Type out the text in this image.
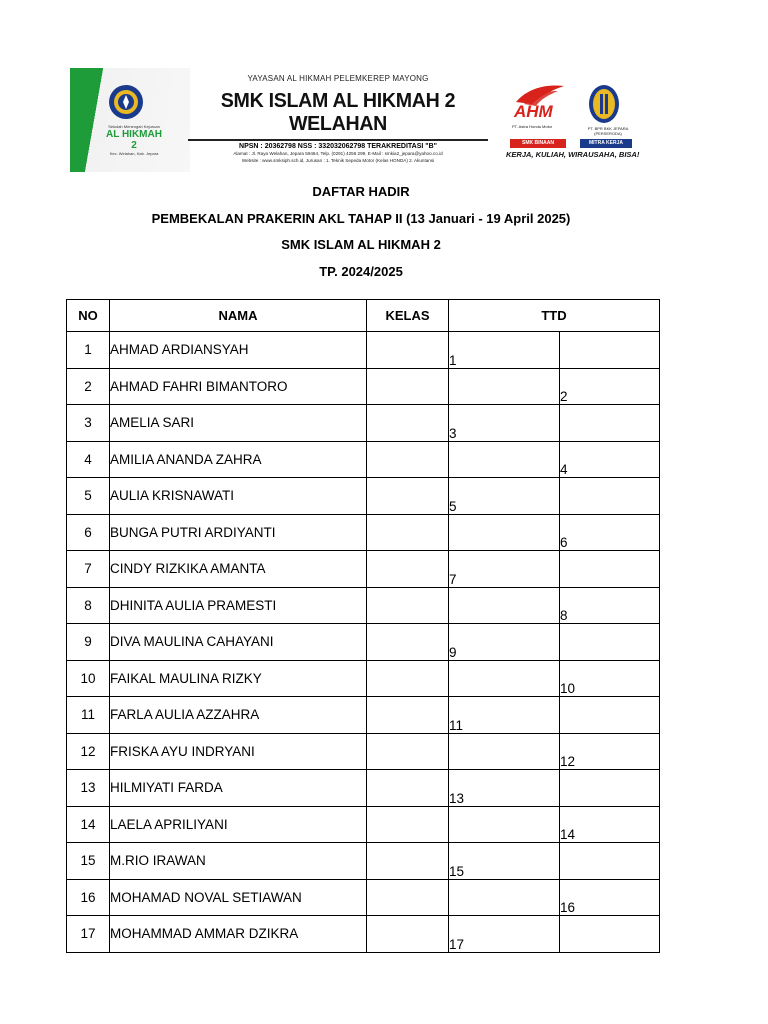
Sekolah Menengah Kejuruan
AL HIKMAH 2
Kec. Welahan, Kab. Jepara
YAYASAN AL HIKMAH PELEMKEREP MAYONG
SMK ISLAM AL HIKMAH 2 WELAHAN
NPSN : 20362798 NSS : 332032062798 TERAKREDITASI "B"
Alamat : Jl. Raya Welahan, Jepara 59464, Telp. (0291) 4256 299, E-Mail : smkia2_jepara@yahoo.co.id
Website : www.smksiph.sch.id, Jurusan : 1. Teknik Sepeda Motor (Kelas HONDA) 2. Akuntansi
AHM
PT. Astra Honda Motor
SMK BINAAN
PT. BPR BKK JEPARA (PERSERODA)
MITRA KERJA
KERJA, KULIAH, WIRAUSAHA, BISA!
DAFTAR HADIR
PEMBEKALAN PRAKERIN AKL TAHAP II (13 Januari - 19 April 2025)
SMK ISLAM AL HIKMAH 2
TP. 2024/2025
NO	NAMA	KELAS	TTD	
1	AHMAD ARDIANSYAH		1	
2	AHMAD FAHRI BIMANTORO			2
3	AMELIA SARI		3	
4	AMILIA ANANDA ZAHRA			4
5	AULIA KRISNAWATI		5	
6	BUNGA PUTRI ARDIYANTI			6
7	CINDY RIZKIKA AMANTA		7	
8	DHINITA AULIA PRAMESTI			8
9	DIVA MAULINA CAHAYANI		9	
10	FAIKAL MAULINA RIZKY			10
11	FARLA AULIA AZZAHRA		11	
12	FRISKA AYU INDRYANI			12
13	HILMIYATI FARDA		13	
14	LAELA APRILIYANI			14
15	M.RIO IRAWAN		15	
16	MOHAMAD NOVAL SETIAWAN			16
17	MOHAMMAD AMMAR DZIKRA		17	
